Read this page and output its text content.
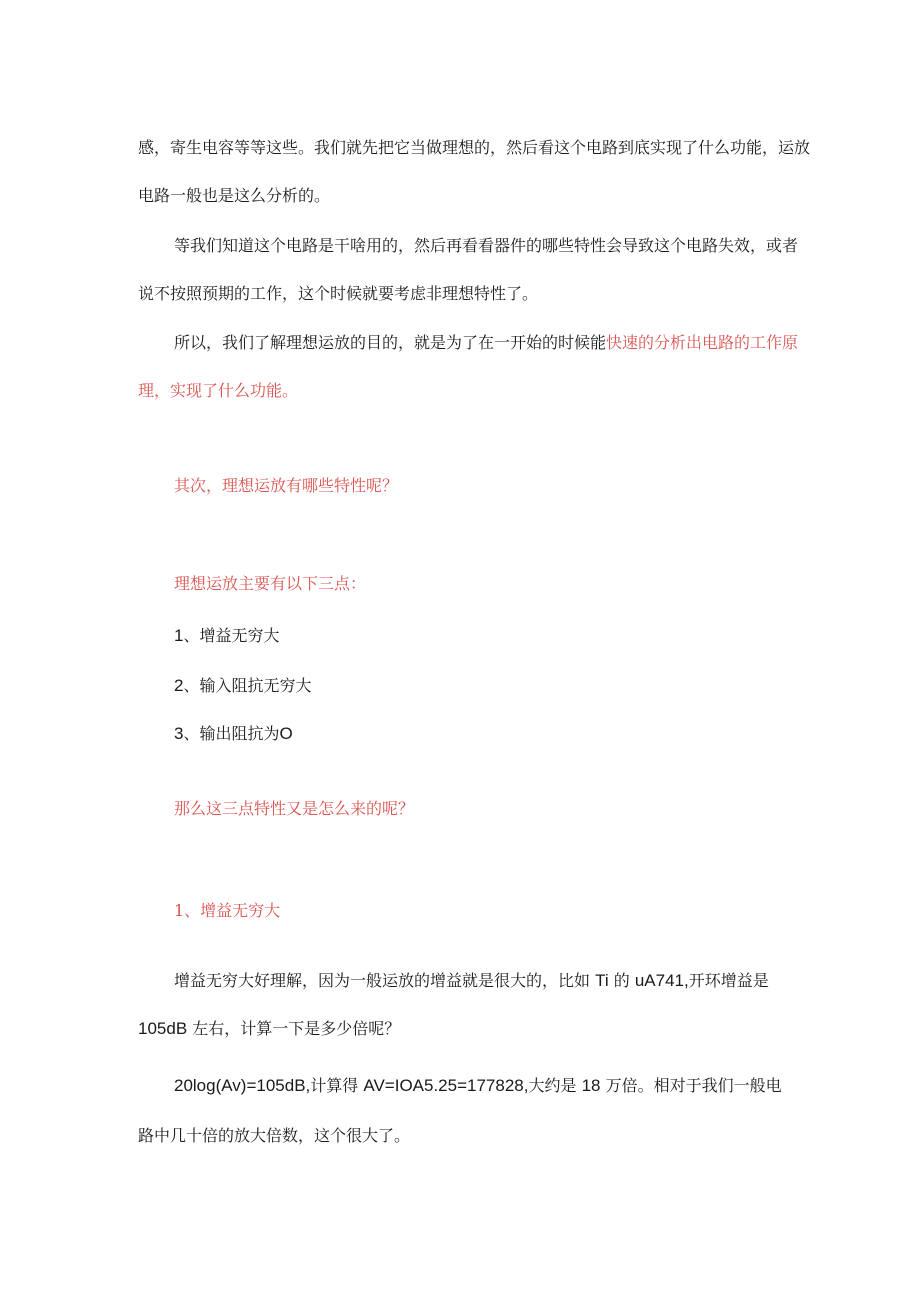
感，寄生电容等等这些。我们就先把它当做理想的，然后看这个电路到底实现了什么功能，运放
电路一般也是这么分析的。
等我们知道这个电路是干啥用的，然后再看看器件的哪些特性会导致这个电路失效，或者
说不按照预期的工作，这个时候就要考虑非理想特性了。
所以，我们了解理想运放的目的，就是为了在一开始的时候能快速的分析出电路的工作原
理，实现了什么功能。
其次，理想运放有哪些特性呢？
理想运放主要有以下三点：
1、增益无穷大
2、输入阻抗无穷大
3、输出阻抗为O
那么这三点特性又是怎么来的呢？
1、增益无穷大
增益无穷大好理解，因为一般运放的增益就是很大的，比如 Ti 的 uA741,开环增益是
105dB 左右，计算一下是多少倍呢？
20log(Av)=105dB,计算得 AV=IOA5.25=177828,大约是 18 万倍。相对于我们一般电
路中几十倍的放大倍数，这个很大了。
